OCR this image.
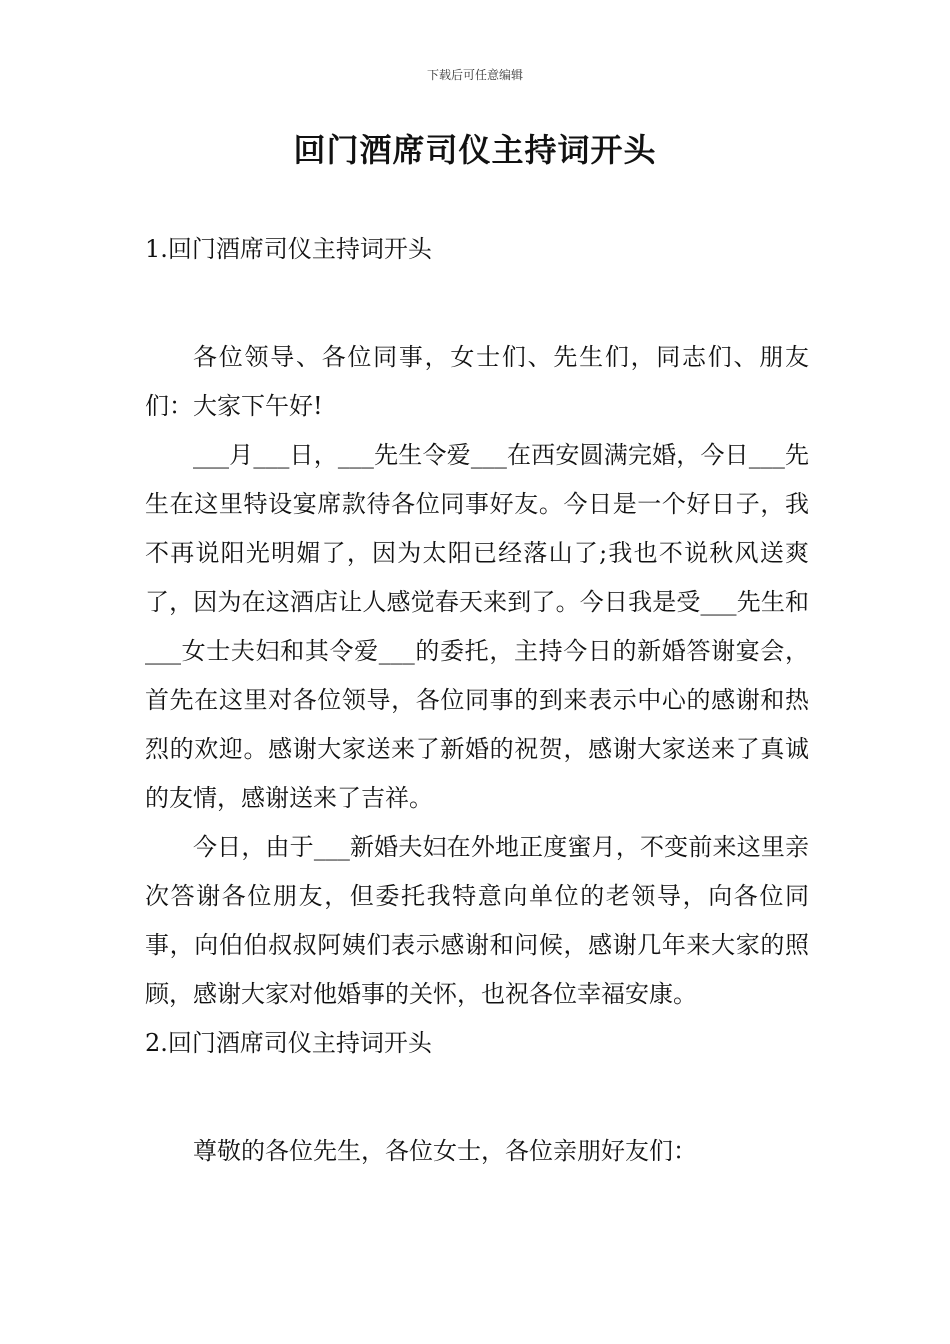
下载后可任意编辑
回门酒席司仪主持词开头
1.回门酒席司仪主持词开头

各位领导、各位同事，女士们、先生们，同志们、朋友们：大家下午好!

___月___日，___先生令爱___在西安圆满完婚，今日___先生在这里特设宴席款待各位同事好友。今日是一个好日子，我不再说阳光明媚了，因为太阳已经落山了;我也不说秋风送爽了，因为在这酒店让人感觉春天来到了。今日我是受___先生和___女士夫妇和其令爱___的委托，主持今日的新婚答谢宴会，首先在这里对各位领导，各位同事的到来表示中心的感谢和热烈的欢迎。感谢大家送来了新婚的祝贺，感谢大家送来了真诚的友情，感谢送来了吉祥。

今日，由于___新婚夫妇在外地正度蜜月，不变前来这里亲次答谢各位朋友，但委托我特意向单位的老领导，向各位同事，向伯伯叔叔阿姨们表示感谢和问候，感谢几年来大家的照顾，感谢大家对他婚事的关怀，也祝各位幸福安康。

2.回门酒席司仪主持词开头

尊敬的各位先生，各位女士，各位亲朋好友们：
